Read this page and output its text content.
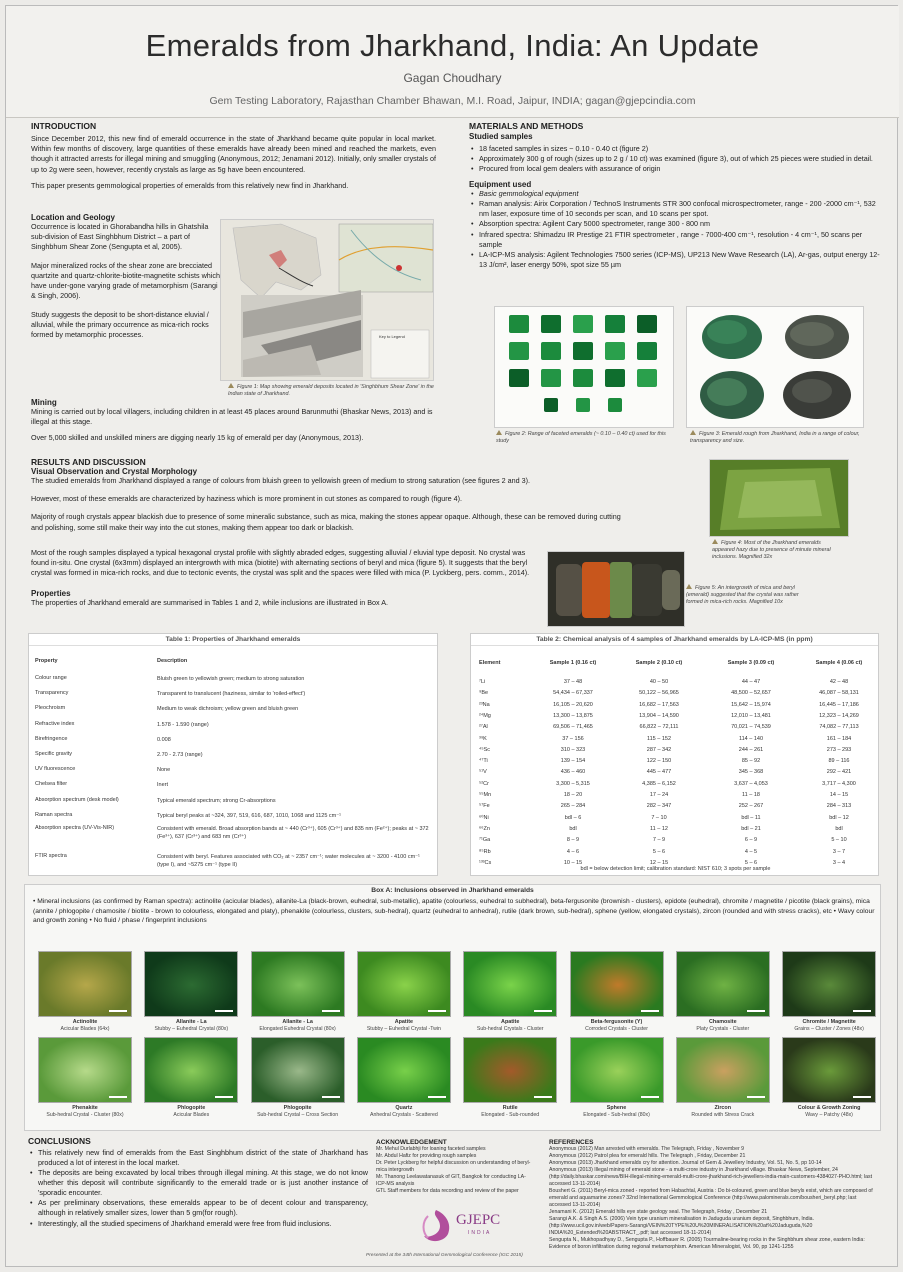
Emeralds from Jharkhand, India: An Update
Gagan Choudhary
Gem Testing Laboratory, Rajasthan Chamber Bhawan, M.I. Road, Jaipur, INDIA; gagan@gjepcindia.com
INTRODUCTION
Since December 2012, this new find of emerald occurrence in the state of Jharkhand became quite popular in local market. Within few months of discovery, large quantities of these emeralds have already been mined and reached the markets, even though it attracted arrests for illegal mining and smuggling (Anonymous, 2012; Jenamani 2012). Initially, only smaller crystals of up to 2g were seen, however, recently crystals as large as 5g have been encountered.
This paper presents gemmological properties of emeralds from this relatively new find in Jharkhand.
Location and Geology
Occurrence is located in Ghorabandha hills in Ghatshila sub-division of East Singhbhum District – a part of Singhbhum Shear Zone (Sengupta et al, 2005).
Major mineralized rocks of the shear zone are brecciated quartzite and quartz-chlorite-biotite-magnetite schists which have under-gone varying grade of metamorphism (Sarangi & Singh, 2006).
Study suggests the deposit to be short-distance eluvial / alluvial, while the primary occurrence as mica-rich rocks formed by metamorphic processes.	Key to Legend
Figure 1: Map showing emerald deposits located in 'Singhbhum Shear Zone' in the Indian state of Jharkhand.
Mining
Mining is carried out by local villagers, including children in at least 45 places around Barunmuthi (Bhaskar News, 2013) and is illegal at this stage.
Over 5,000 skilled and unskilled miners are digging nearly 15 kg of emerald per day (Anonymous, 2013).
MATERIALS AND METHODS
Studied samples
• 18 faceted samples in sizes ~ 0.10 - 0.40 ct (figure 2)
• Approximately 300 g of rough (sizes up to 2 g / 10 ct) was examined (figure 3), out of which 25 pieces were studied in detail.
• Procured from local gem dealers with assurance of origin
Equipment used
• Basic gemmological equipment
• Raman analysis: Airix Corporation / TechnoS Instruments STR 300 confocal microspectrometer, range - 200 -2000 cm⁻¹, 532 nm laser, exposure time of 10 seconds per scan, and 10 scans per spot.
• Absorption spectra: Agilent Cary 5000 spectrometer, range 300 - 800 nm
• Infrared spectra: Shimadzu IR Prestige 21 FTIR spectrometer , range - 7000-400 cm⁻¹, resolution - 4 cm⁻¹, 50 scans per sample
• LA-ICP-MS analysis: Agilent Technologies 7500 series (ICP-MS), UP213 New Wave Research (LA), Ar-gas, output energy 12-13 J/cm², laser energy 50%, spot size 55 µm
Figure 2: Range of faceted emeralds (~ 0.10 – 0.40 ct) used for this study
Figure 3: Emerald rough from Jharkhand, India in a range of colour, transparency and size.
RESULTS AND DISCUSSION
Visual Observation and Crystal Morphology
The studied emeralds from Jharkhand displayed a range of colours from bluish green to yellowish green of medium to strong saturation (see figures 2 and 3).
However, most of these emeralds are characterized by haziness which is more prominent in cut stones as compared to rough (figure 4).
Majority of rough crystals appear blackish due to presence of some mineralic substance, such as mica, making the stones appear opaque. Although, these can be removed during cutting and polishing, some still make their way into the cut stones, making them appear too dark or blackish.
Most of the rough samples displayed a typical hexagonal crystal profile with slightly abraded edges, suggesting alluvial / eluvial type deposit. No crystal was found in-situ. One crystal (6x3mm) displayed an intergrowth with mica (biotite) with alternating sections of beryl and mica (figure 5). It suggests that the beryl crystal was formed in mica-rich rocks, and due to tectonic events, the crystal was split and the spaces were filled with mica (P. Lyckberg, pers. comm., 2014).
Properties
The properties of Jharkhand emerald are summarised in Tables 1 and 2, while inclusions are illustrated in Box A.
Figure 4: Most of the Jharkhand emeralds appeared hazy due to presence of minute mineral inclusions. Magnified 32x
Figure 5: An intergrowth of mica and beryl (emerald) suggested that the crystal was rather formed in mica-rich rocks. Magnified 10x
Table 1: Properties of Jharkhand emeralds
Property	Description
Colour range	Bluish green to yellowish green; medium to strong saturation
Transparency	Transparent to translucent (haziness, similar to 'roiled-effect')
Pleochroism	Medium to weak dichroism; yellow green and bluish green
Refractive index	1.578 - 1.590 (range)
Birefringence	0.008
Specific gravity	2.70 - 2.73 (range)
UV fluorescence	None
Chelsea filter	Inert
Absorption spectrum (desk model)	Typical emerald spectrum; strong Cr-absorptions
Raman spectra	Typical beryl peaks at ~324, 397, 519, 616, 687, 1010, 1068 and 1125 cm⁻¹
Absorption spectra (UV-Vis-NIR)	Consistent with emerald. Broad absorption bands at ~ 440 (Cr³⁺), 605 (Cr³⁺) and 835 nm (Fe²⁺); peaks at ~ 372 (Fe³⁺), 637 (Cr³⁺) and 683 nm (Cr³⁺)
FTIR spectra	Consistent with beryl. Features associated with CO₂ at ~ 2357 cm⁻¹; water molecules at ~ 3200 - 4100 cm⁻¹ (type I), and ~5275 cm⁻¹ (type II)
Table 2: Chemical analysis of 4 samples of Jharkhand emeralds by LA-ICP-MS (in ppm)
Element	Sample 1 (0.16 ct)	Sample 2 (0.10 ct)	Sample 3 (0.09 ct)	Sample 4 (0.06 ct)
⁷Li	37 – 48	40 – 50	44 – 47	42 – 48
⁹Be	54,434 – 67,337	50,122 – 56,965	48,500 – 52,657	46,087 – 58,131
²³Na	16,105 – 20,620	16,682 – 17,563	15,642 – 15,974	16,445 – 17,186
²⁴Mg	13,300 – 13,875	13,904 – 14,590	12,010 – 13,481	12,323 – 14,269
²⁷Al	69,506 – 71,465	66,822 – 72,111	70,021 – 74,539	74,082 – 77,113
³⁹K	37 – 156	115 – 152	114 – 140	161 – 184
⁴⁵Sc	310 – 323	287 – 342	244 – 261	273 – 293
⁴⁷Ti	139 – 154	122 – 150	85 – 92	89 – 116
⁵¹V	436 – 460	445 – 477	345 – 368	292 – 421
⁵²Cr	3,300 – 5,315	4,385 – 6,152	3,637 – 4,053	3,717 – 4,300
⁵⁵Mn	18 – 20	17 – 24	11 – 18	14 – 15
⁵⁷Fe	265 – 284	282 – 347	252 – 267	284 – 313
⁶⁰Ni	bdl – 6	7 – 10	bdl – 11	bdl – 12
⁶⁶Zn	bdl	11 – 12	bdl – 21	bdl
⁷¹Ga	8 – 9	7 – 9	6 – 9	5 – 10
⁸⁵Rb	4 – 6	5 – 6	4 – 5	3 – 7
¹³³Cs	10 – 15	12 – 15	5 – 6	3 – 4
bdl = below detection limit; calibration standard: NIST 610; 3 spots per sample
Box A: Inclusions observed in Jharkhand emeralds
• Mineral inclusions (as confirmed by Raman spectra): actinolite (acicular blades), allanite-La (black-brown, euhedral, sub-metallic), apatite (colourless, euhedral to subhedral), beta-fergusonite (brownish - clusters), epidote (euhedral), chromite / magnetite / picotite (black grains), mica (annite / phlogopite / chamosite / biotite - brown to colourless, elongated and platy), phenakite (colourless, clusters, sub-hedral), quartz (euhedral to anhedral), rutile (dark brown, sub-hedral), sphene (yellow, elongated crystals), zircon (rounded and with stress cracks), etc • Wavy colour and growth zoning • No fluid / phase / fingerprint inclusions
Actinolite
Acicular Blades (64x)
Allanite - La
Stubby – Euhedral Crystal (80x)
Allanite - La
Elongated Euhedral Crystal (80x)
Apatite
Stubby – Euhedral Crystal -Twin
Apatite
Sub-hedral Crystals - Cluster
Beta-fergusonite (Y)
Corroded Crystals - Cluster
Chamosite
Platy Crystals - Cluster
Chromite / Magnetite
Grains – Cluster / Zones (48x)
Phenakite
Sub-hedral Crystal - Cluster (80x)
Phlogopite
Acicular Blades
Phlogopite
Sub-hedral Crystal – Cross Section
Quartz
Anhedral Crystals - Scattered
Rutile
Elongated - Sub-rounded
Sphene
Elongated - Sub-hedral (80x)
Zircon
Rounded with Stress Crack
Colour & Growth Zoning
Wavy – Patchy (48x)
CONCLUSIONS
• This relatively new find of emeralds from the East Singhbhum district of the state of Jharkhand has produced a lot of interest in the local market.
• The deposits are being excavated by local tribes through illegal mining. At this stage, we do not know whether this deposit will contribute significantly to the emerald trade or is just another instance of 'sporadic encounter.
• As per preliminary observations, these emeralds appear to be of decent colour and transparency, although in relatively smaller sizes, lower than 5 gm(for rough).
• Interestingly, all the studied specimens of Jharkhand emerald were free from fluid inclusions.
ACKNOWLEDGEMENT
Mr. Mehul Durlabhji for loaning faceted samples
Mr. Abdul Hafiz for providing rough samples
Dr. Peter Lyckberg for helpful discussion on understanding of beryl-mica intergrowth
Mr. Thanong Leelawatanasuk of GIT, Bangkok for conducting LA-ICP-MS analysis
GTL Staff members for data recording and review of the paper
GJEPC
INDIA
Presented at the 34th International Gemmological Conference (IGC 2015)
REFERENCES
Anonymous (2012) Man arrested with emeralds. The Telegraph, Friday , November 9
Anonymous (2012) Patrol plea for emerald hills. The Telegraph , Friday, December 21
Anonymous (2013) Jharkhand emeralds cry for attention. Journal of Gem & Jewellery Industry, Vol. 51, No. 5, pp 10-14
Anonymous (2013) Illegal mining of emerald stone - a multi-crore industry in Jharkhand village. Bhaskar News, September, 24 (http://daily.bhaskar.com/news/BIH-illegal-mining-emerald-multi-crore-jharkhand-rich-jewellers-india-main-customers-4384027-PHO.html; last accessed 13-11-2014)
Boushert G. (2011) Beryl-mica zoned - reported from Habachtal, Austria : Do bi-coloured, green and blue beryls exist, which are composed of emerald and aquamarine zones? 32nd International Gemmological Conference (http://www.palominerals.com/bousheri_beryl.php; last accessed 13-11-2014)
Jenamani K. (2012) Emerald hills eye state geology seal. The Telegraph, Friday , December 21
Sarangi A.K. & Singh A.S. (2006) Vein type uranium mineralisation in Jaduguda uranium deposit, Singhbhum, India. (http://www.ucil.gov.in/web/Papers-Sarangi/VEIN%20TYPE%20U%20MINERALISATION%20at%20Jaduguda,%20 INDIA%20_Extended%20ABSTRACT_.pdf; last accessed 18-11-2014)
Sengupta N., Mukhopadhyay D., Sengupta P., Hoffbauer R. (2005) Tourmaline-bearing rocks in the Singhbhum shear zone, eastern India: Evidence of boron infiltration during regional metamorphism. American Mineralogist, Vol. 90, pp 1241-1255
